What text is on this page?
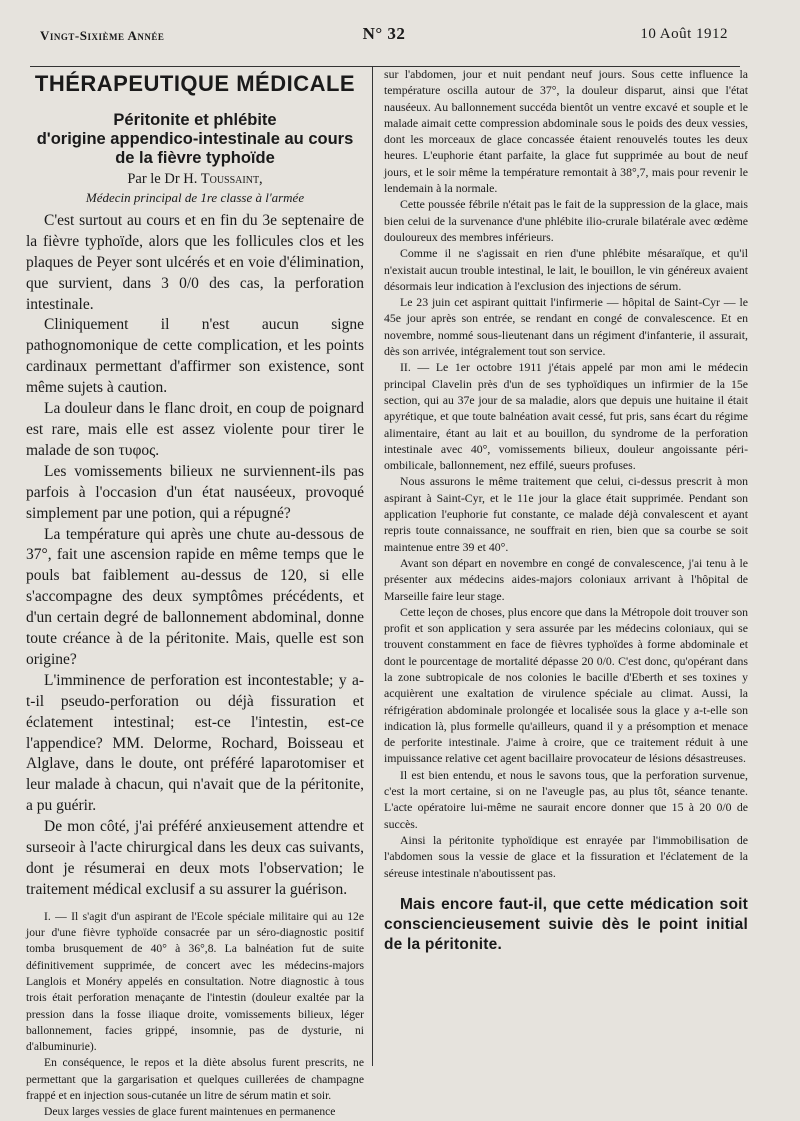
Vingt-Sixième Année	N° 32	10 Août 1912
THÉRAPEUTIQUE MÉDICALE
Péritonite et phlébite
d'origine appendico-intestinale au cours
de la fièvre typhoïde
Par le Dr H. Toussaint,
Médecin principal de 1re classe à l'armée

C'est surtout au cours et en fin du 3e septenaire de la fièvre typhoïde, alors que les follicules clos et les plaques de Peyer sont ulcérés et en voie d'élimination, que survient, dans 3 0/0 des cas, la perforation intestinale.

Cliniquement il n'est aucun signe pathognomonique de cette complication, et les points cardinaux permettant d'affirmer son existence, sont même sujets à caution.

La douleur dans le flanc droit, en coup de poignard est rare, mais elle est assez violente pour tirer le malade de son τυφος.

Les vomissements bilieux ne surviennent-ils pas parfois à l'occasion d'un état nauséeux, provoqué simplement par une potion, qui a répugné?

La température qui après une chute au-dessous de 37°, fait une ascension rapide en même temps que le pouls bat faiblement au-dessus de 120, si elle s'accompagne des deux symptômes précédents, et d'un certain degré de ballonnement abdominal, donne toute créance à de la péritonite. Mais, quelle est son origine?

L'imminence de perforation est incontestable; y a-t-il pseudo-perforation ou déjà fissuration et éclatement intestinal; est-ce l'intestin, est-ce l'appendice? MM. Delorme, Rochard, Boisseau et Alglave, dans le doute, ont préféré laparotomiser et leur malade à chacun, qui n'avait que de la péritonite, a pu guérir.

De mon côté, j'ai préféré anxieusement attendre et surseoir à l'acte chirurgical dans les deux cas suivants, dont je résumerai en deux mots l'observation; le traitement médical exclusif a su assurer la guérison.

I. — Il s'agit d'un aspirant de l'Ecole spéciale militaire qui au 12e jour d'une fièvre typhoïde consacrée par un séro-diagnostic positif tomba brusquement de 40° à 36°,8. La balnéation fut de suite définitivement supprimée, de concert avec les médecins-majors Langlois et Monéry appelés en consultation. Notre diagnostic à tous trois était perforation menaçante de l'intestin (douleur exaltée par la pression dans la fosse iliaque droite, vomissements bilieux, léger ballonnement, facies grippé, insomnie, pas de dysturie, ni d'albuminurie).

En conséquence, le repos et la diète absolus furent prescrits, ne permettant que la gargarisation et quelques cuillerées de champagne frappé et en injection sous-cutanée un litre de sérum matin et soir.

Deux larges vessies de glace furent maintenues en permanence

sur l'abdomen, jour et nuit pendant neuf jours. Sous cette influence la température oscilla autour de 37°, la douleur disparut, ainsi que l'état nauséeux. Au ballonnement succéda bientôt un ventre excavé et souple et le malade aimait cette compression abdominale sous le poids des deux vessies, dont les morceaux de glace concassée étaient renouvelés toutes les deux heures. L'euphorie étant parfaite, la glace fut supprimée au bout de neuf jours, et le soir même la température remontait à 38°,7, mais pour revenir le lendemain à la normale.

Cette poussée fébrile n'était pas le fait de la suppression de la glace, mais bien celui de la survenance d'une phlébite ilio-crurale bilatérale avec œdème douloureux des membres inférieurs.

Comme il ne s'agissait en rien d'une phlébite mésaraïque, et qu'il n'existait aucun trouble intestinal, le lait, le bouillon, le vin généreux avaient désormais leur indication à l'exclusion des injections de sérum.

Le 23 juin cet aspirant quittait l'infirmerie — hôpital de Saint-Cyr — le 45e jour après son entrée, se rendant en congé de convalescence. Et en novembre, nommé sous-lieutenant dans un régiment d'infanterie, il assurait, dès son arrivée, intégralement tout son service.

II. — Le 1er octobre 1911 j'étais appelé par mon ami le médecin principal Clavelin près d'un de ses typhoïdiques un infirmier de la 15e section, qui au 37e jour de sa maladie, alors que depuis une huitaine il était apyrétique, et que toute balnéation avait cessé, fut pris, sans écart du régime alimentaire, étant au lait et au bouillon, du syndrome de la perforation intestinale avec 40°, vomissements bilieux, douleur angoissante péri-ombilicale, ballonnement, nez effilé, sueurs profuses.

Nous assurons le même traitement que celui, ci-dessus prescrit à mon aspirant à Saint-Cyr, et le 11e jour la glace était supprimée. Pendant son application l'euphorie fut constante, ce malade déjà convalescent et ayant repris toute connaissance, ne souffrait en rien, bien que sa courbe se soit maintenue entre 39 et 40°.

Avant son départ en novembre en congé de convalescence, j'ai tenu à le présenter aux médecins aides-majors coloniaux arrivant à l'hôpital de Marseille faire leur stage.

Cette leçon de choses, plus encore que dans la Métropole doit trouver son profit et son application y sera assurée par les médecins coloniaux, qui se trouvent constamment en face de fièvres typhoïdes à forme abdominale et dont le pourcentage de mortalité dépasse 20 0/0. C'est donc, qu'opérant dans la zone subtropicale de nos colonies le bacille d'Eberth et ses toxines y acquièrent une exaltation de virulence spéciale au climat. Aussi, la réfrigération abdominale prolongée et localisée sous la glace y a-t-elle son indication là, plus formelle qu'ailleurs, quand il y a présomption et menace de perforite intestinale. J'aime à croire, que ce traitement réduit à une impuissance relative cet agent bacillaire provocateur de lésions désastreuses.

Il est bien entendu, et nous le savons tous, que la perforation survenue, c'est la mort certaine, si on ne l'aveugle pas, au plus tôt, séance tenante. L'acte opératoire lui-même ne saurait encore donner que 15 à 20 0/0 de succès.

Ainsi la péritonite typhoïdique est enrayée par l'immobilisation de l'abdomen sous la vessie de glace et la fissuration et l'éclatement de la séreuse intestinale n'aboutissent pas.

Mais encore faut-il, que cette médication soit consciencieusement suivie dès le point initial de la péritonite.
